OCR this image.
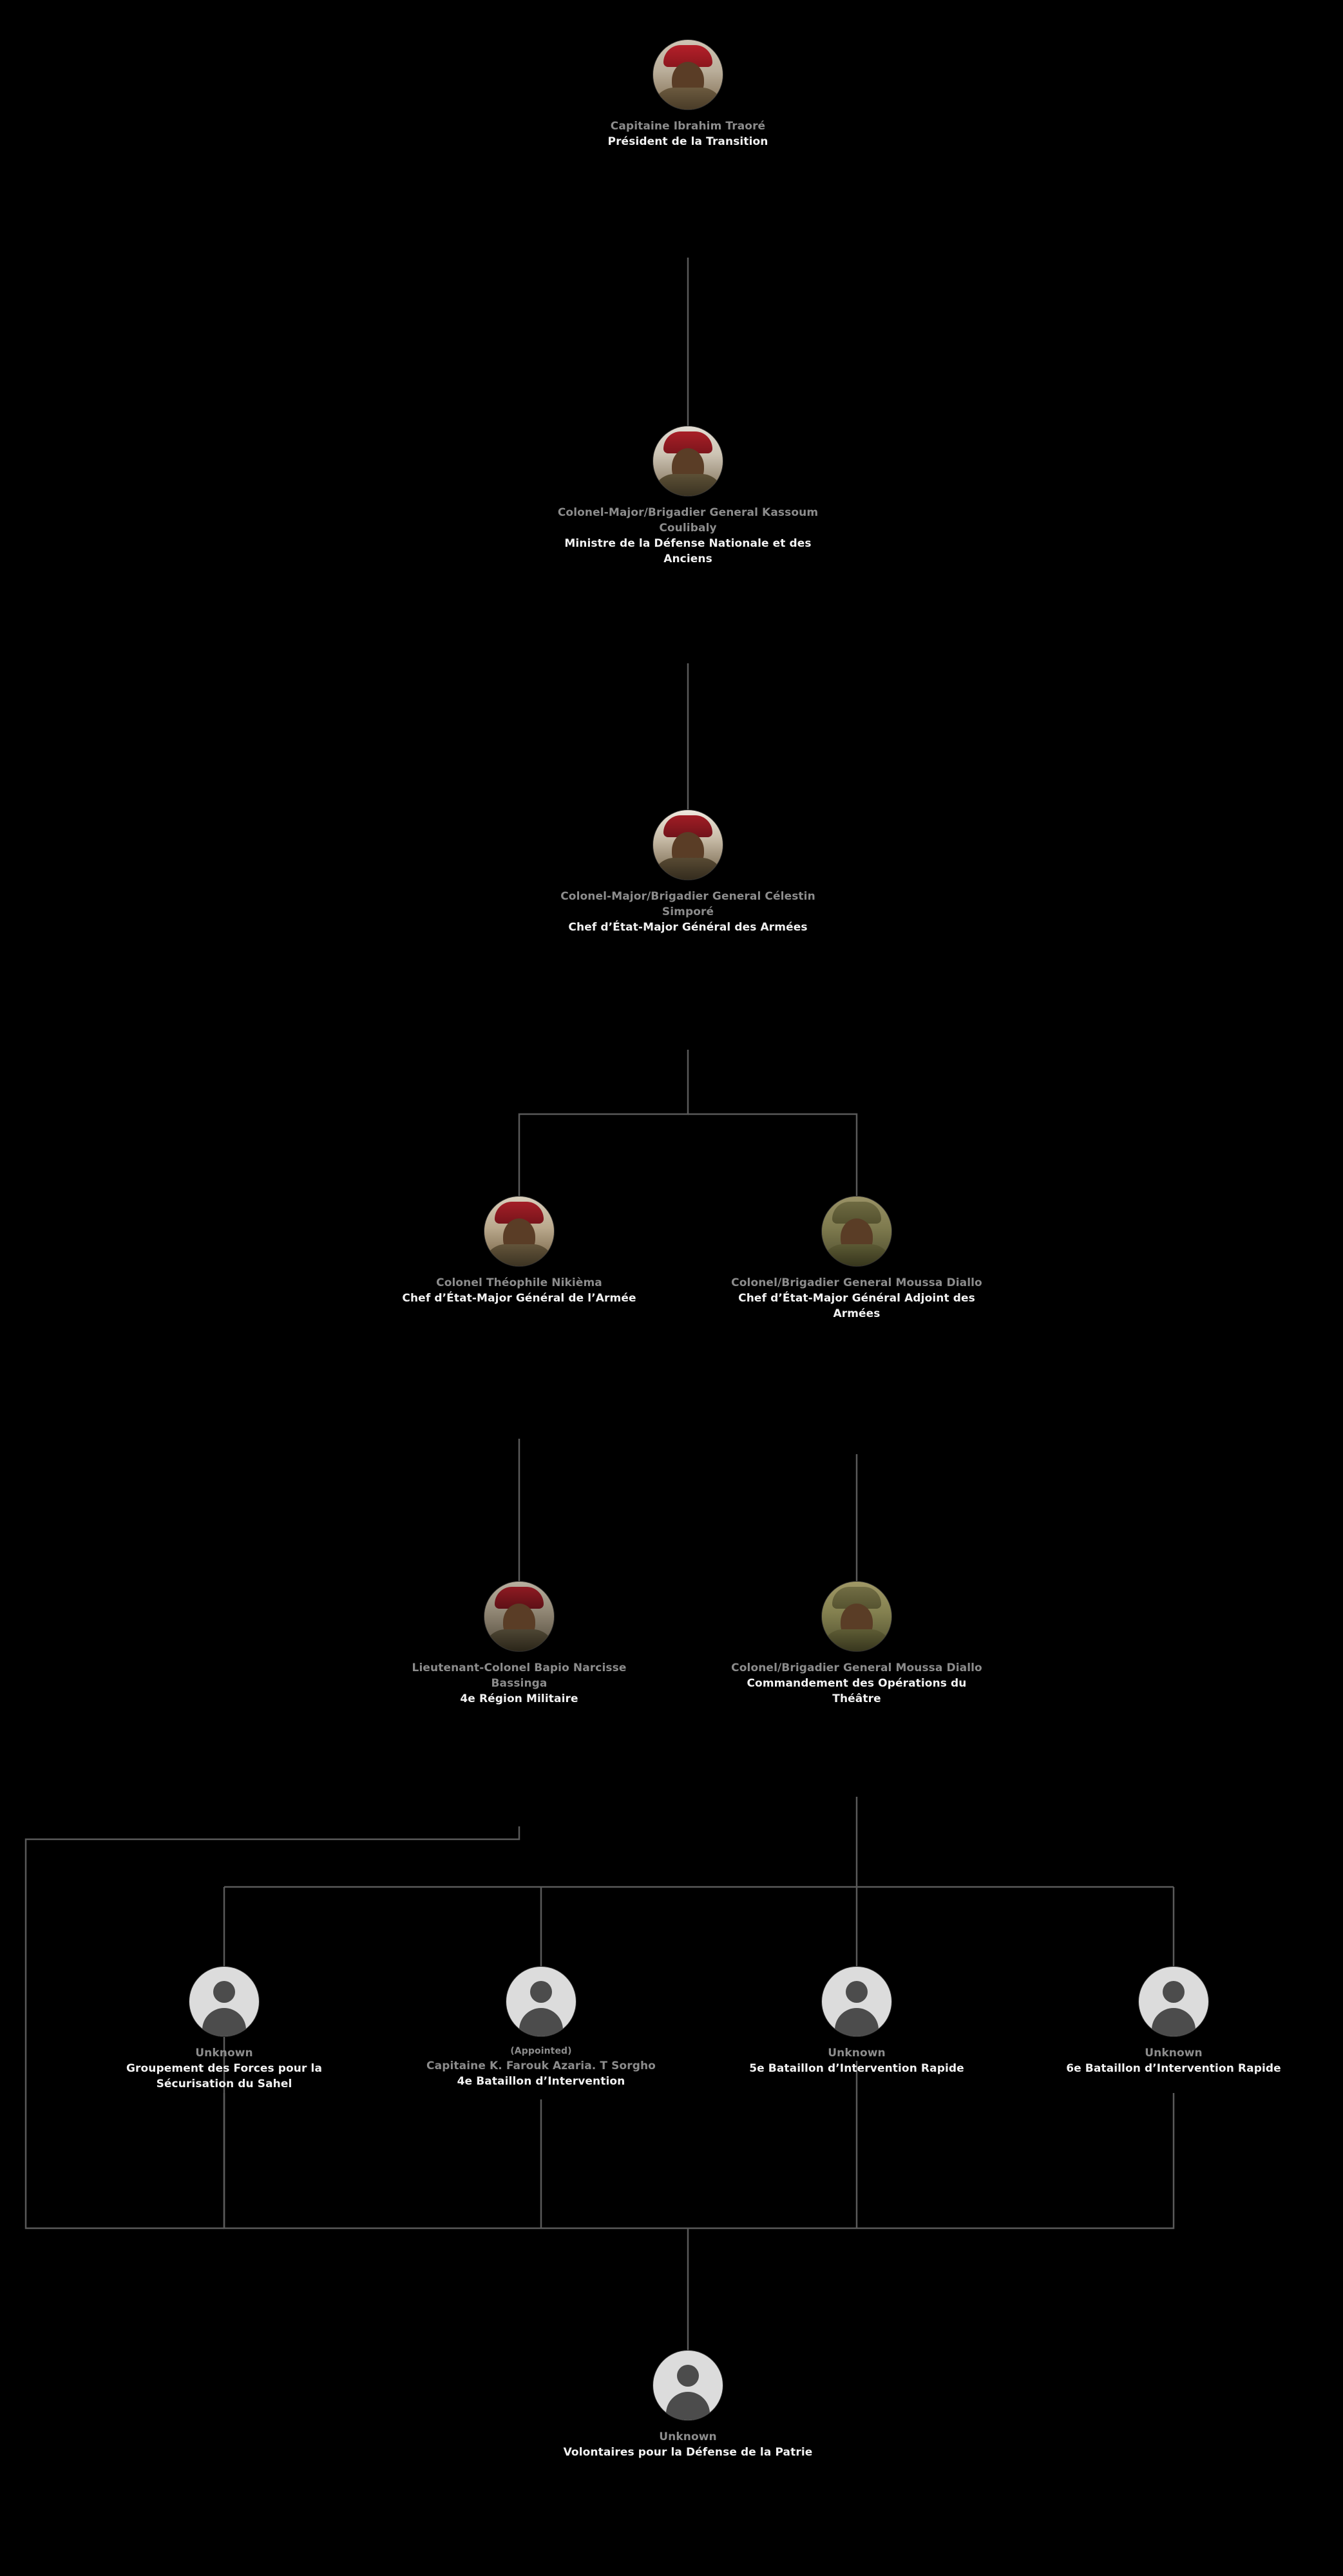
Capitaine Ibrahim Traoré
Président de la Transition
Colonel-Major/Brigadier General Kassoum Coulibaly
Ministre de la Défense Nationale et des Anciens
Colonel-Major/Brigadier General Célestin Simporé
Chef d’État-Major Général des Armées
Colonel Théophile Nikièma
Chef d’État-Major Général de l’Armée
Colonel/Brigadier General Moussa Diallo
Chef d’État-Major Général Adjoint des Armées
Lieutenant-Colonel Bapio Narcisse Bassinga
4e Région Militaire
Colonel/Brigadier General Moussa Diallo
Commandement des Opérations du Théâtre
Unknown
Groupement des Forces pour la Sécurisation du Sahel
(Appointed)
Capitaine K. Farouk Azaria. T Sorgho
4e Bataillon d’Intervention
Unknown
5e Bataillon d’Intervention Rapide
Unknown
6e Bataillon d’Intervention Rapide
Unknown
Volontaires pour la Défense de la Patrie
